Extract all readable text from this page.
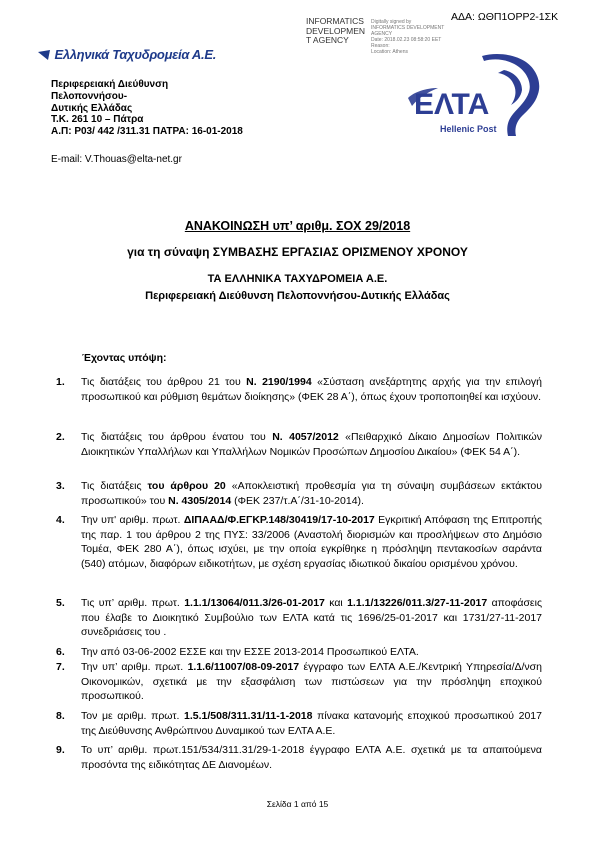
ΑΔΑ: ΩΘΠ1ΟΡΡ2-1ΣΚ
INFORMATICS
DEVELOPMEN
T AGENCY
Digitally signed by INFORMATICS DEVELOPMENT AGENCY
Date: 2018.02.23 08:58:20 EET
Reason:
Location: Athens
Ελληνικά Ταχυδρομεία Α.Ε.
Περιφερειακή Διεύθυνση
Πελοποννήσου-
Δυτικής Ελλάδας
Τ.Κ. 261 10 – Πάτρα
Α.Π: Ρ03/ 442 /311.31 ΠΑΤΡΑ: 16-01-2018
E-mail: V.Thouas@elta-net.gr
ΕΛΤΑ
Hellenic Post
ΑΝΑΚΟΙΝΩΣΗ υπ’ αριθμ. ΣΟΧ 29/2018
για τη σύναψη ΣΥΜΒΑΣΗΣ ΕΡΓΑΣΙΑΣ ΟΡΙΣΜΕΝΟΥ ΧΡΟΝΟΥ
ΤΑ ΕΛΛΗΝΙΚΑ ΤΑΧΥΔΡΟΜΕΙΑ Α.Ε.
Περιφερειακή Διεύθυνση Πελοποννήσου-Δυτικής Ελλάδας
Έχοντας υπόψη:
1. Τις διατάξεις του άρθρου 21 του Ν. 2190/1994 «Σύσταση ανεξάρτητης αρχής για την επιλογή προσωπικού και ρύθμιση θεμάτων διοίκησης» (ΦΕΚ 28 Α΄), όπως έχουν τροποποιηθεί και ισχύουν.
2. Τις διατάξεις του άρθρου ένατου του Ν. 4057/2012 «Πειθαρχικό Δίκαιο Δημοσίων Πολιτικών Διοικητικών Υπαλλήλων και Υπαλλήλων Νομικών Προσώπων Δημοσίου Δικαίου» (ΦΕΚ 54 Α΄).
3. Τις διατάξεις του άρθρου 20 «Αποκλειστική προθεσμία για τη σύναψη συμβάσεων εκτάκτου προσωπικού» του Ν. 4305/2014 (ΦΕΚ 237/τ.Α΄/31-10-2014).
4. Την υπ' αριθμ. πρωτ. ΔΙΠΑΑΔ/Φ.ΕΓΚΡ.148/30419/17-10-2017 Εγκριτική Απόφαση της Επιτροπής της παρ. 1 του άρθρου 2 της ΠΥΣ: 33/2006 (Αναστολή διορισμών και προσλήψεων στο Δημόσιο Τομέα, ΦΕΚ 280 Α΄), όπως ισχύει, με την οποία εγκρίθηκε η πρόσληψη πεντακοσίων σαράντα (540) ατόμων, διαφόρων ειδικοτήτων, με σχέση εργασίας ιδιωτικού δικαίου ορισμένου χρόνου.
5. Τις υπ’ αριθμ. πρωτ. 1.1.1/13064/011.3/26-01-2017 και 1.1.1/13226/011.3/27-11-2017 αποφάσεις που έλαβε το Διοικητικό Συμβούλιο των ΕΛΤΑ κατά τις 1696/25-01-2017 και 1731/27-11-2017 συνεδριάσεις του .
6. Την από 03-06-2002 ΕΣΣΕ και την ΕΣΣΕ 2013-2014 Προσωπικού ΕΛΤΑ.
7. Την υπ’ αριθμ. πρωτ. 1.1.6/11007/08-09-2017 έγγραφο των ΕΛΤΑ Α.Ε./Κεντρική Υπηρεσία/Δ/νση Οικονομικών, σχετικά με την εξασφάλιση των πιστώσεων για την πρόσληψη εποχικού προσωπικού.
8. Τον με αριθμ. πρωτ. 1.5.1/508/311.31/11-1-2018 πίνακα κατανομής εποχικού προσωπικού 2017 της Διεύθυνσης Ανθρώπινου Δυναμικού των ΕΛΤΑ Α.Ε.
9. Το υπ’ αριθμ. πρωτ.151/534/311.31/29-1-2018 έγγραφο ΕΛΤΑ Α.Ε. σχετικά με τα απαιτούμενα προσόντα της ειδικότητας ΔΕ Διανομέων.
Σελίδα 1 από 15
